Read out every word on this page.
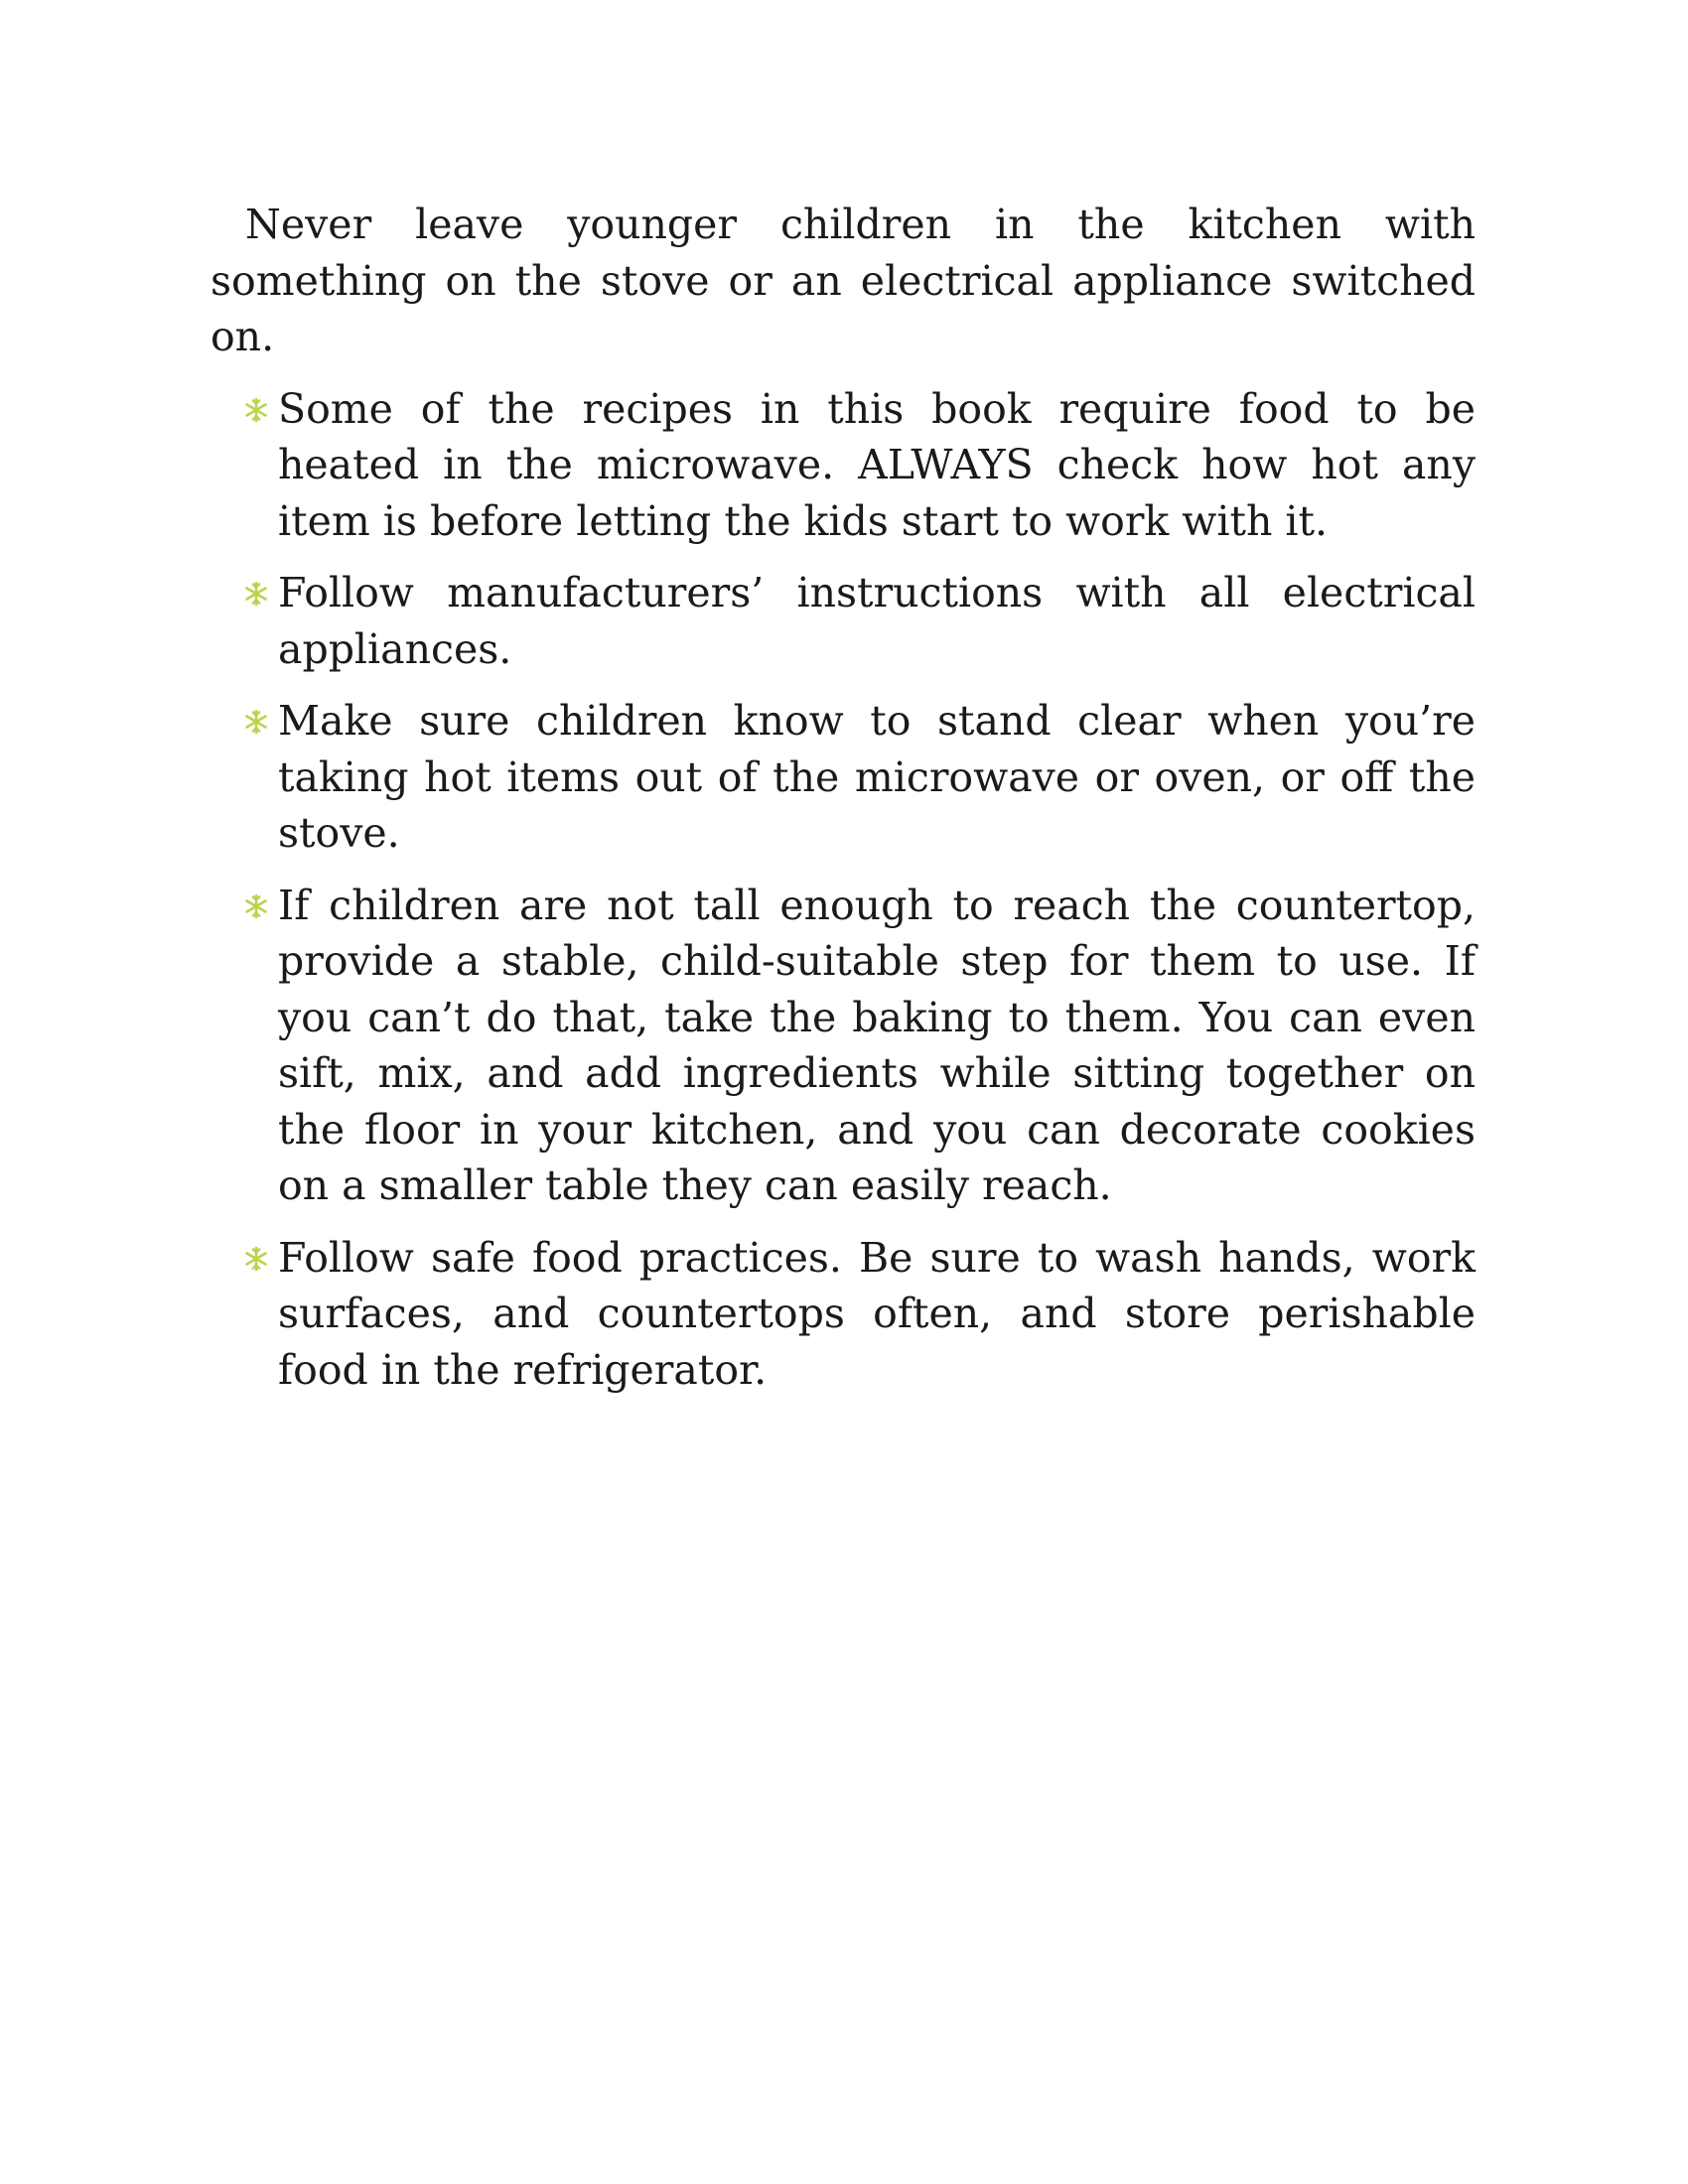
Never leave younger children in the kitchen with something on the stove or an electrical appliance switched on.

Some of the recipes in this book require food to be heated in the microwave. ALWAYS check how hot any item is before letting the kids start to work with it.
Follow manufacturers’ instructions with all electrical appliances.
Make sure children know to stand clear when you’re taking hot items out of the microwave or oven, or off the stove.
If children are not tall enough to reach the countertop, provide a stable, child-suitable step for them to use. If you can’t do that, take the baking to them. You can even sift, mix, and add ingredients while sitting together on the floor in your kitchen, and you can decorate cookies on a smaller table they can easily reach.
Follow safe food practices. Be sure to wash hands, work surfaces, and countertops often, and store perishable food in the refrigerator.
